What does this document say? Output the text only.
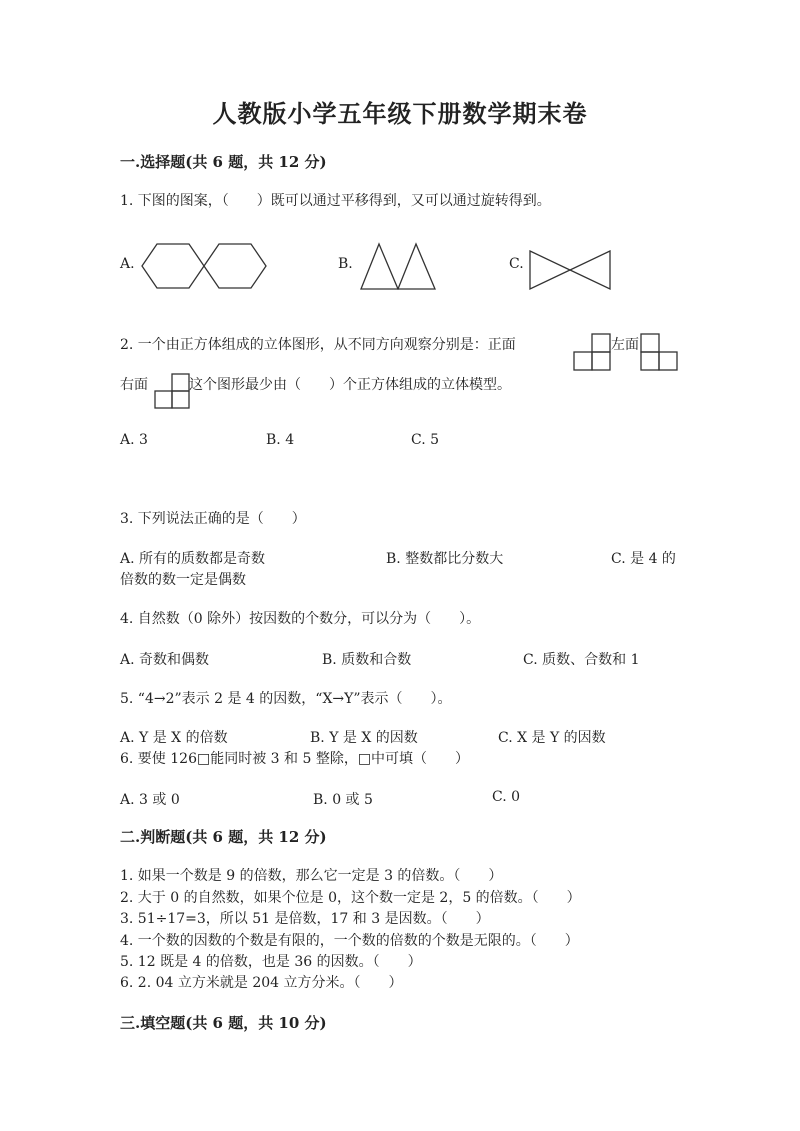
人教版小学五年级下册数学期末卷
一.选择题(共 6 题，共 12 分)
1. 下图的图案，（　　）既可以通过平移得到，又可以通过旋转得到。
A.	B.	C.
2. 一个由正方体组成的立体图形，从不同方向观察分别是：正面	左面
右面	这个图形最少由（　　）个正方体组成的立体模型。
A. 3	B. 4	C. 5
3. 下列说法正确的是（　　）
A. 所有的质数都是奇数	B. 整数都比分数大	C. 是 4 的
倍数的数一定是偶数
4. 自然数（0 除外）按因数的个数分，可以分为（　　）。
A. 奇数和偶数	B. 质数和合数	C. 质数、合数和 1
5. “4→2”表示 2 是 4 的因数，“X→Y”表示（　　）。
A. Y 是 X 的倍数	B. Y 是 X 的因数	C. X 是 Y 的因数
6. 要使 126□能同时被 3 和 5 整除，□中可填（　　）
A. 3 或 0	B. 0 或 5	C. 0
二.判断题(共 6 题，共 12 分)
1. 如果一个数是 9 的倍数，那么它一定是 3 的倍数。（　　）
2. 大于 0 的自然数，如果个位是 0，这个数一定是 2，5 的倍数。（　　）
3. 51÷17=3，所以 51 是倍数，17 和 3 是因数。（　　）
4. 一个数的因数的个数是有限的，一个数的倍数的个数是无限的。（　　）
5. 12 既是 4 的倍数，也是 36 的因数。（　　）
6. 2. 04 立方米就是 204 立方分米。（　　）
三.填空题(共 6 题，共 10 分)
